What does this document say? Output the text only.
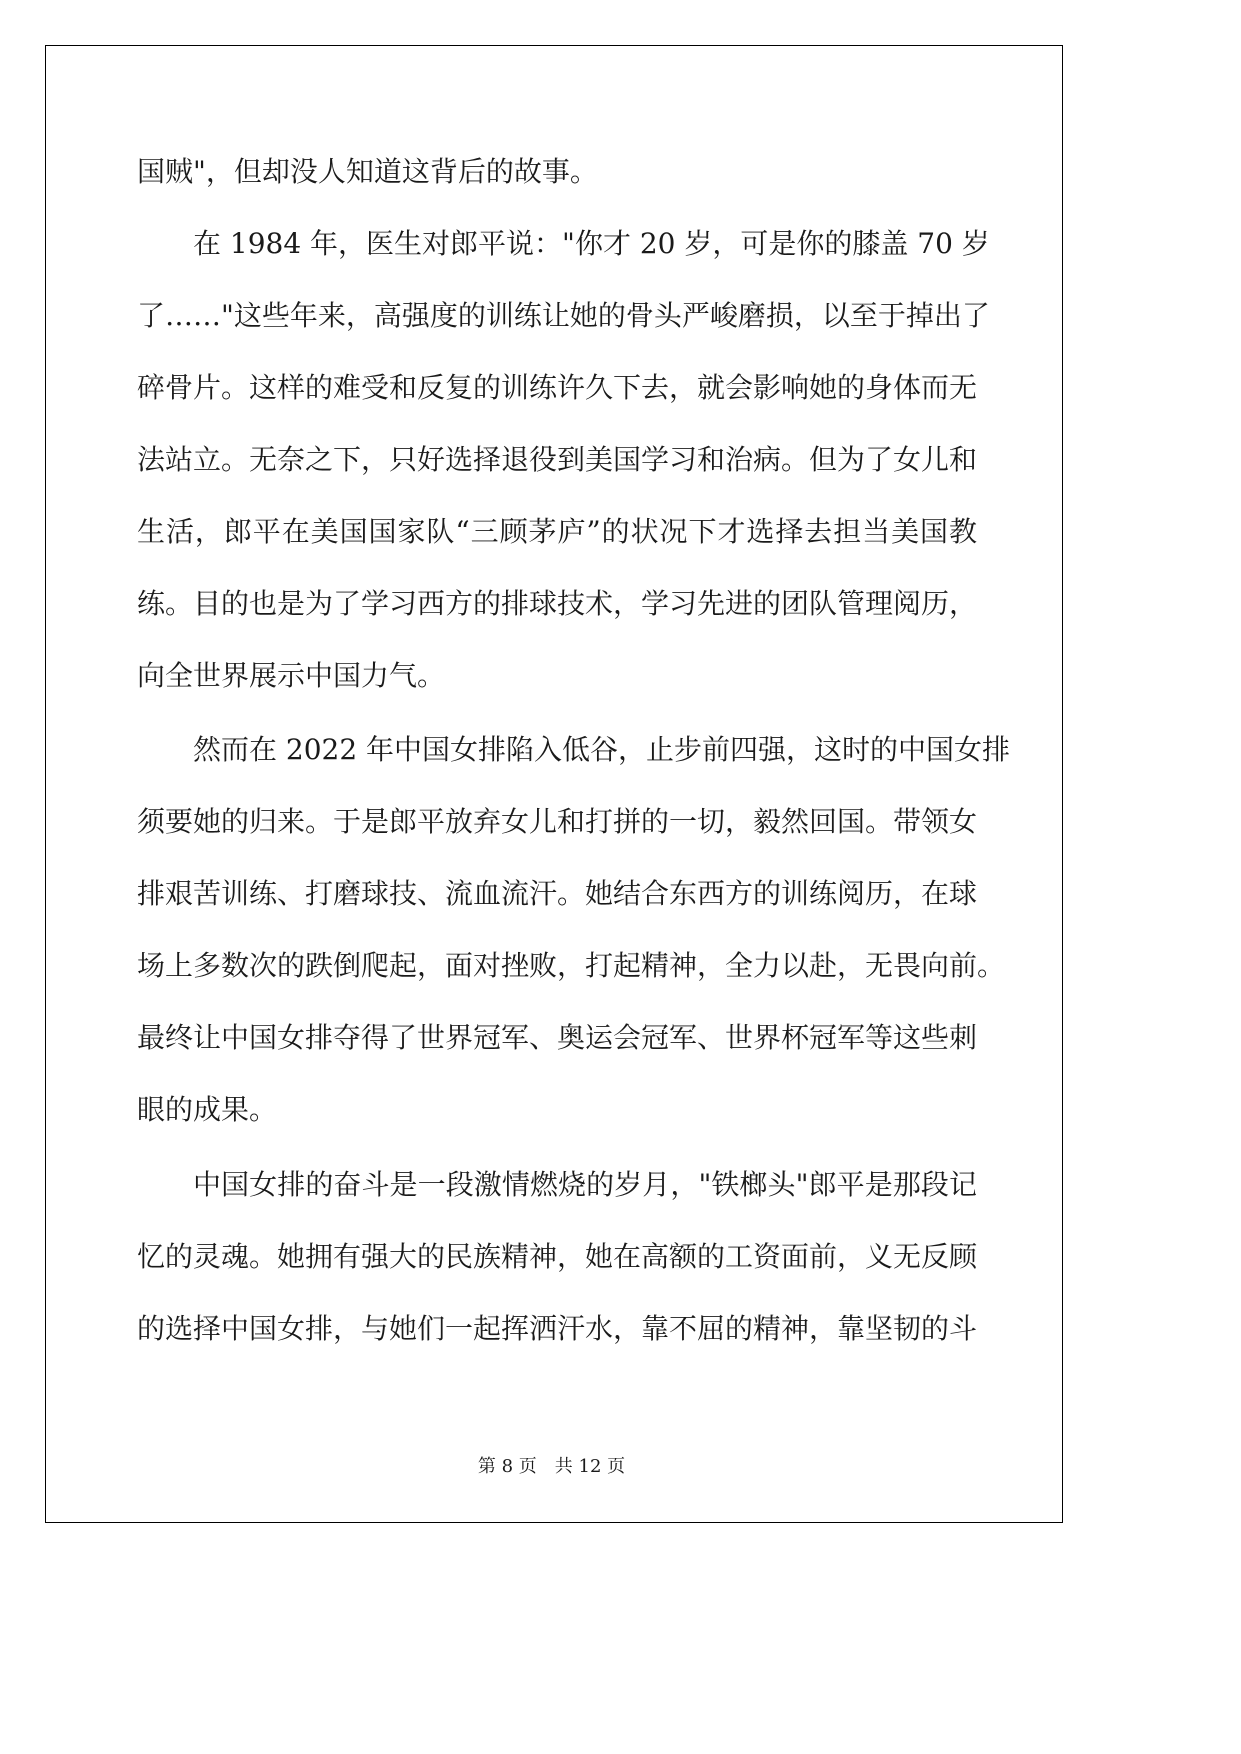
国贼"，但却没人知道这背后的故事。
在 1984 年，医生对郎平说："你才 20 岁，可是你的膝盖 70 岁
了……"这些年来，高强度的训练让她的骨头严峻磨损，以至于掉出了
碎骨片。这样的难受和反复的训练许久下去，就会影响她的身体而无
法站立。无奈之下，只好选择退役到美国学习和治病。但为了女儿和
生活，郎平在美国国家队“三顾茅庐”的状况下才选择去担当美国教
练。目的也是为了学习西方的排球技术，学习先进的团队管理阅历，
向全世界展示中国力气。
然而在 2022 年中国女排陷入低谷，止步前四强，这时的中国女排
须要她的归来。于是郎平放弃女儿和打拼的一切，毅然回国。带领女
排艰苦训练、打磨球技、流血流汗。她结合东西方的训练阅历，在球
场上多数次的跌倒爬起，面对挫败，打起精神，全力以赴，无畏向前。
最终让中国女排夺得了世界冠军、奥运会冠军、世界杯冠军等这些刺
眼的成果。
中国女排的奋斗是一段激情燃烧的岁月，"铁榔头"郎平是那段记
忆的灵魂。她拥有强大的民族精神，她在高额的工资面前，义无反顾
的选择中国女排，与她们一起挥洒汗水，靠不屈的精神，靠坚韧的斗
第 8 页 共 12 页
